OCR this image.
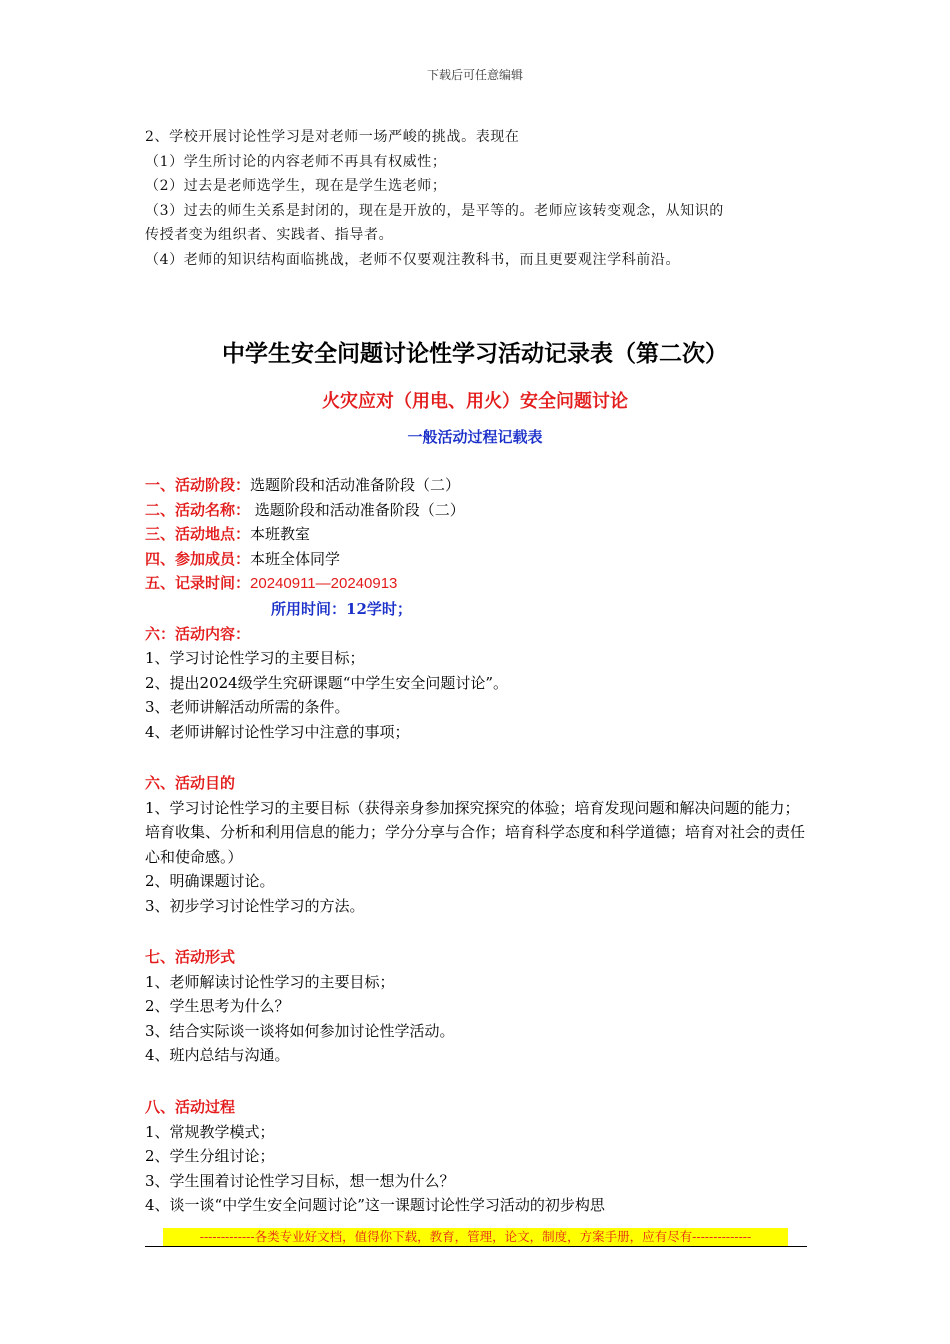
下载后可任意编辑

2、学校开展讨论性学习是对老师一场严峻的挑战。表现在

（1）学生所讨论的内容老师不再具有权威性；

（2）过去是老师选学生，现在是学生选老师；

（3）过去的师生关系是封闭的，现在是开放的，是平等的。老师应该转变观念，从知识的

传授者变为组织者、实践者、指导者。

（4）老师的知识结构面临挑战，老师不仅要观注教科书，而且更要观注学科前沿。

中学生安全问题讨论性学习活动记录表（第二次）
火灾应对（用电、用火）安全问题讨论
一般活动过程记载表

一、活动阶段：选题阶段和活动准备阶段（二）

二、活动名称： 选题阶段和活动准备阶段（二）

三、活动地点：本班教室

四、参加成员：本班全体同学

五、记录时间：20240911—20240913

所用时间：12学时；

六：活动内容：

1、学习讨论性学习的主要目标；

2、提出2024级学生究研课题“中学生安全问题讨论”。

3、老师讲解活动所需的条件。

4、老师讲解讨论性学习中注意的事项；

六、活动目的

1、学习讨论性学习的主要目标（获得亲身参加探究探究的体验；培育发现问题和解决问题的能力；培育收集、分析和利用信息的能力；学分分享与合作；培育科学态度和科学道德；培育对社会的责任心和使命感。）

2、明确课题讨论。

3、初步学习讨论性学习的方法。

七、活动形式

1、老师解读讨论性学习的主要目标；

2、学生思考为什么？

3、结合实际谈一谈将如何参加讨论性学活动。

4、班内总结与沟通。

八、活动过程

1、常规教学模式；

2、学生分组讨论；

3、学生围着讨论性学习目标，想一想为什么？

4、谈一谈“中学生安全问题讨论”这一课题讨论性学习活动的初步构思

-------------各类专业好文档，值得你下载，教育，管理，论文，制度，方案手册，应有尽有--------------
